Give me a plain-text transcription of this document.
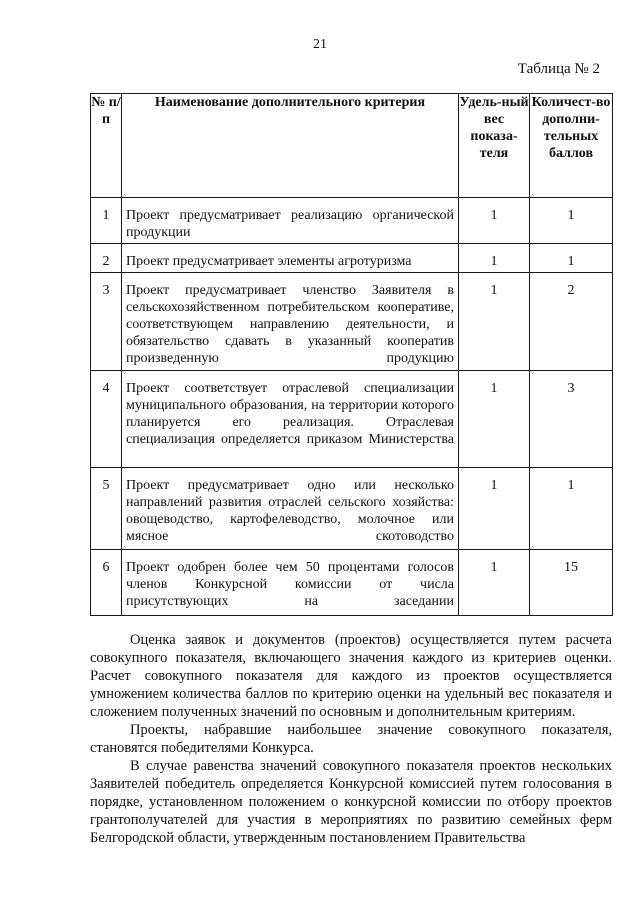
21
Таблица № 2
№ п/п	Наименование дополнительного критерия	Удель-ный вес показа-теля	Количест-во дополни-тельных баллов
1	Проект предусматривает реализацию органической продукции	1	1
2	Проект предусматривает элементы агротуризма	1	1
3	Проект предусматривает членство Заявителя в сельскохозяйственном потребительском кооперативе, соответствующем направлению деятельности, и обязательство сдавать в указанный кооператив произведенную продукцию	1	2
4	Проект соответствует отраслевой специализации муниципального образования, на территории которого планируется его реализация. Отраслевая специализация определяется приказом Министерства	1	3
5	Проект предусматривает одно или несколько направлений развития отраслей сельского хозяйства: овощеводство, картофелеводство, молочное или мясное скотоводство	1	1
6	Проект одобрен более чем 50 процентами голосов членов Конкурсной комиссии от числа присутствующих на заседании	1	15

Оценка заявок и документов (проектов) осуществляется путем расчета совокупного показателя, включающего значения каждого из критериев оценки. Расчет совокупного показателя для каждого из проектов осуществляется умножением количества баллов по критерию оценки на удельный вес показателя и сложением полученных значений по основным и дополнительным критериям.

Проекты, набравшие наибольшее значение совокупного показателя, становятся победителями Конкурса.

В случае равенства значений совокупного показателя проектов нескольких Заявителей победитель определяется Конкурсной комиссией путем голосования в порядке, установленном положением о конкурсной комиссии по отбору проектов грантополучателей для участия в мероприятиях по развитию семейных ферм Белгородской области, утвержденным постановлением Правительства
